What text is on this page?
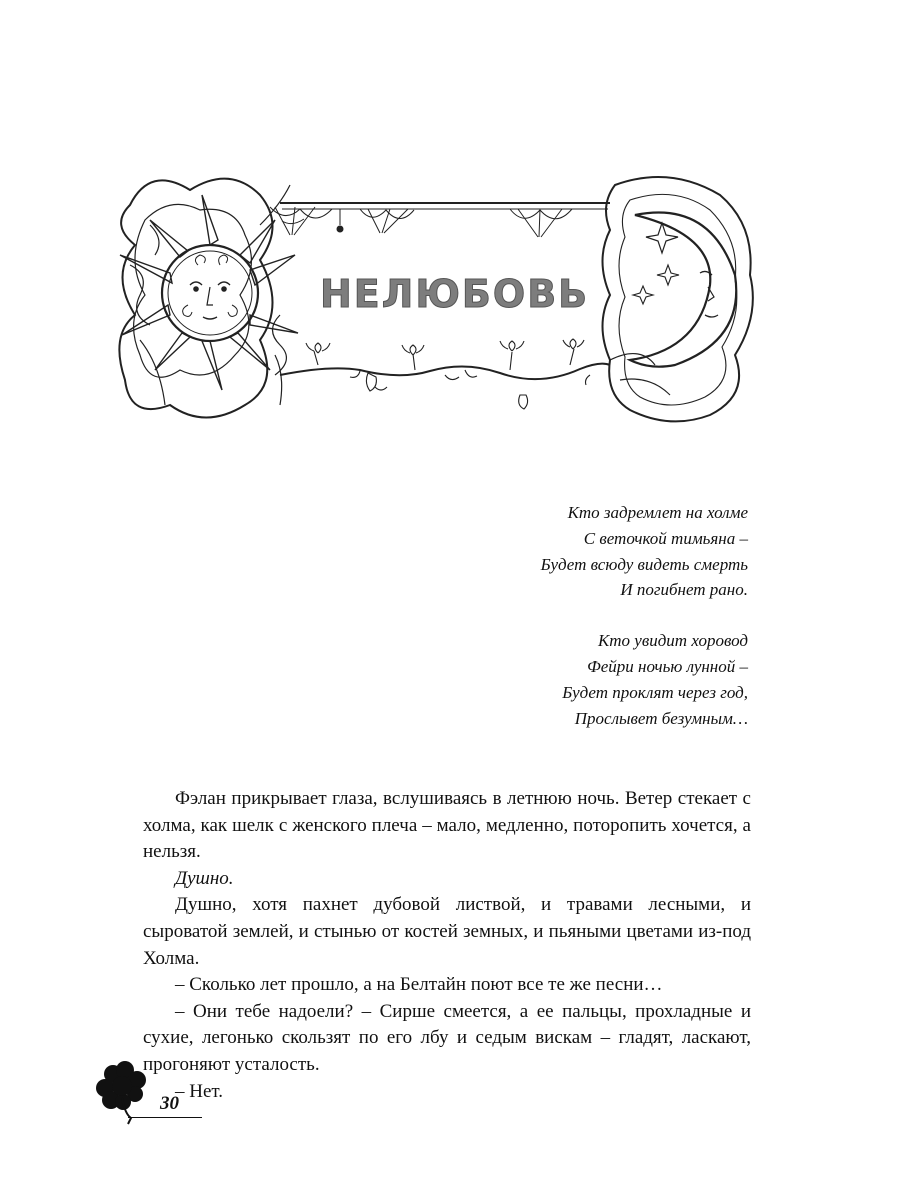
НЕЛЮБОВЬ
Кто задремлет на холме
С веточкой тимьяна –
Будет всюду видеть смерть
И погибнет рано.
Кто увидит хоровод
Фейри ночью лунной –
Будет проклят через год,
Прослывет безумным…

Фэлан прикрывает глаза, вслушиваясь в летнюю ночь. Ветер стекает с холма, как шелк с женского плеча – мало, медленно, поторопить хочется, а нельзя.

Душно.

Душно, хотя пахнет дубовой листвой, и травами лесными, и сыроватой землей, и стынью от костей земных, и пьяными цветами из-под Холма.

– Сколько лет прошло, а на Белтайн поют все те же песни…

– Они тебе надоели? – Сирше смеется, а ее пальцы, прохладные и сухие, легонько скользят по его лбу и седым вискам – гладят, ласкают, прогоняют усталость.

– Нет.

30
